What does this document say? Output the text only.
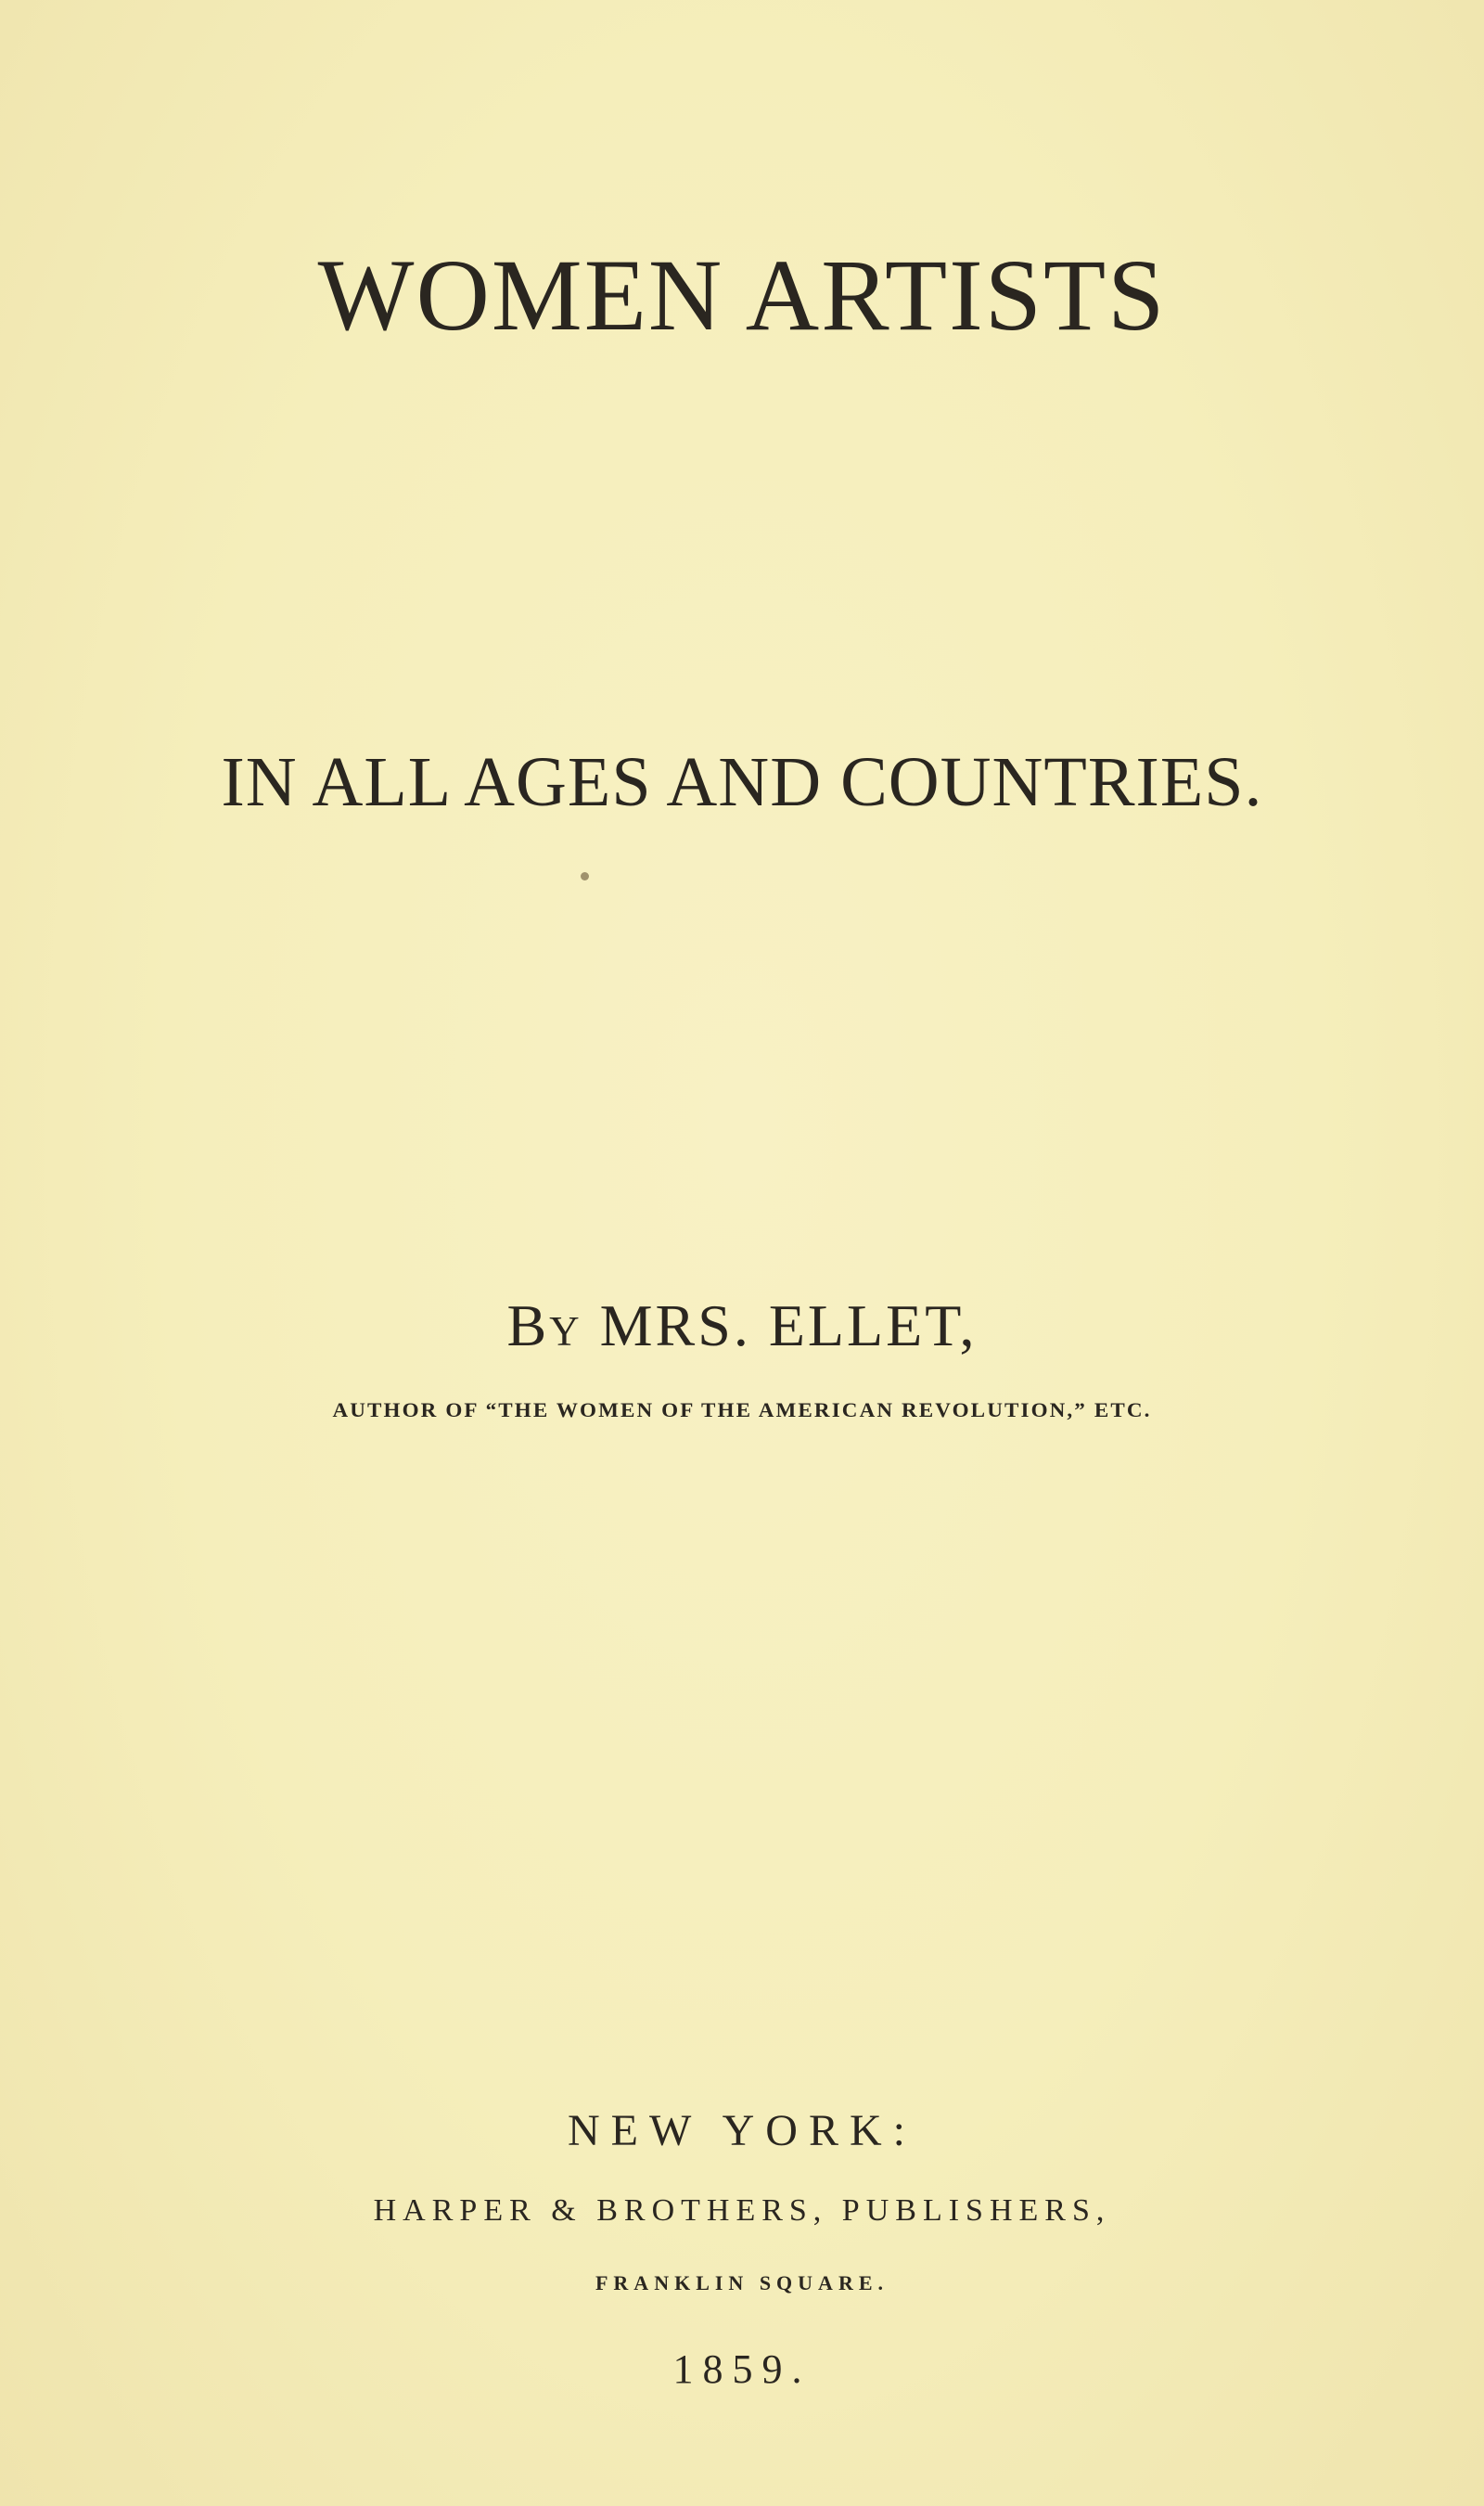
WOMEN ARTISTS
IN ALL AGES AND COUNTRIES.
By MRS. ELLET,
AUTHOR OF “THE WOMEN OF THE AMERICAN REVOLUTION,” ETC.
NEW YORK:
HARPER & BROTHERS, PUBLISHERS,
FRANKLIN SQUARE.
1859.
